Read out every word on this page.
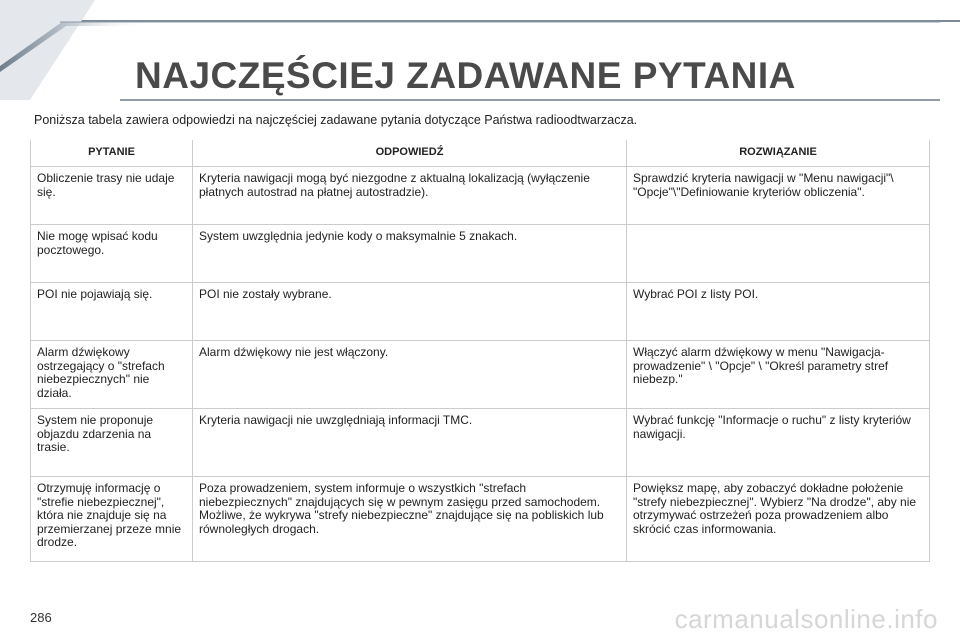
NAJCZĘŚCIEJ ZADAWANE PYTANIA
Poniższa tabela zawiera odpowiedzi na najczęściej zadawane pytania dotyczące Państwa radioodtwarzacza.
PYTANIE	ODPOWIEDŹ	ROZWIĄZANIE
Obliczenie trasy nie udaje się.	Kryteria nawigacji mogą być niezgodne z aktualną lokalizacją (wyłączenie płatnych autostrad na płatnej autostradzie).	Sprawdzić kryteria nawigacji w "Menu nawigacji"\ "Opcje"\"Definiowanie kryteriów obliczenia".
Nie mogę wpisać kodu pocztowego.	System uwzględnia jedynie kody o maksymalnie 5 znakach.	
POI nie pojawiają się.	POI nie zostały wybrane.	Wybrać POI z listy POI.
Alarm dźwiękowy ostrzegający o "strefach niebezpiecznych" nie działa.	Alarm dźwiękowy nie jest włączony.	Włączyć alarm dźwiękowy w menu "Nawigacja-prowadzenie" \ "Opcje" \ "Określ parametry stref niebezp."
System nie proponuje objazdu zdarzenia na trasie.	Kryteria nawigacji nie uwzględniają informacji TMC.	Wybrać funkcję "Informacje o ruchu" z listy kryteriów nawigacji.
Otrzymuję informację o "strefie niebezpiecznej", która nie znajduje się na przemierzanej przeze mnie drodze.	Poza prowadzeniem, system informuje o wszystkich "strefach niebezpiecznych" znajdujących się w pewnym zasięgu przed samochodem. Możliwe, że wykrywa "strefy niebezpieczne" znajdujące się na pobliskich lub równoległych drogach.	Powiększ mapę, aby zobaczyć dokładne położenie "strefy niebezpiecznej". Wybierz "Na drodze", aby nie otrzymywać ostrzeżeń poza prowadzeniem albo skrócić czas informowania.
286	carmanualsonline.info
